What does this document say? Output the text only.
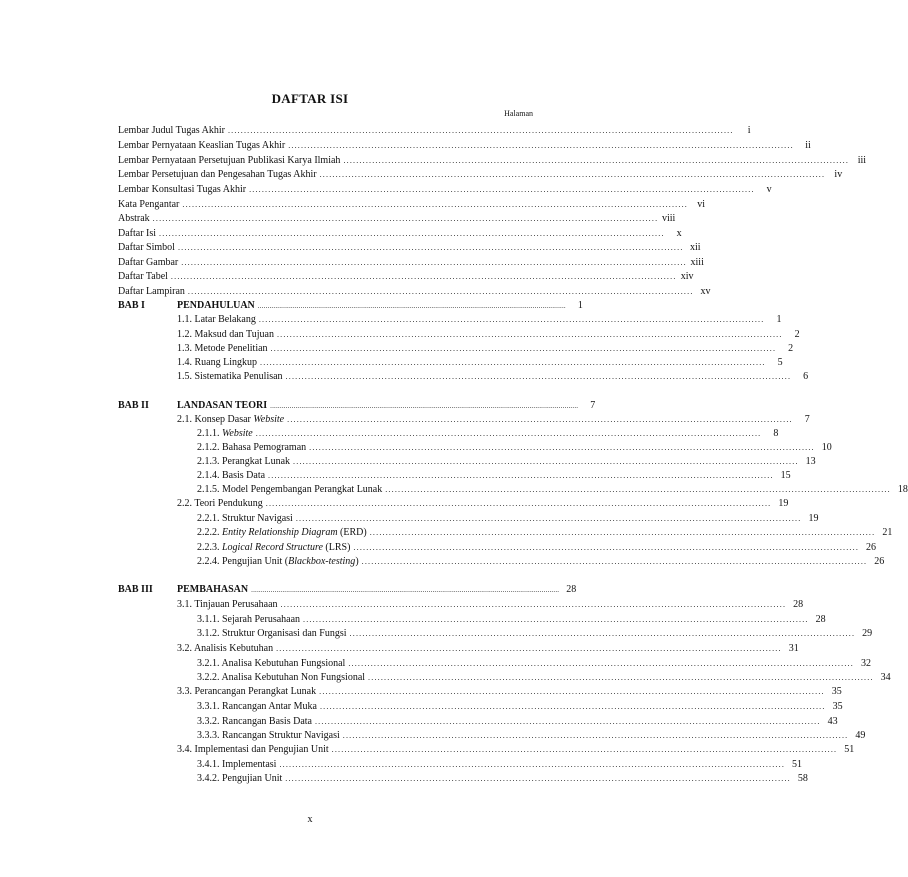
DAFTAR ISI
Halaman
Lembar Judul Tugas Akhir ..............................................................................................................................................................	i
Lembar Pernyataan Keaslian Tugas Akhir ..............................................................................................................................................................	ii
Lembar Pernyataan Persetujuan Publikasi Karya Ilmiah .............................................................................................................................................................. iii
Lembar Persetujuan dan Pengesahan Tugas Akhir .............................................................................................................................................................. iv
Lembar Konsultasi Tugas Akhir ..............................................................................................................................................................	v
Kata Pengantar .............................................................................................................................................................. vi
Abstrak .............................................................................................................................................................. viii
Daftar Isi ..............................................................................................................................................................	x
Daftar Simbol .............................................................................................................................................................. xii
Daftar Gambar .............................................................................................................................................................. xiii
Daftar Tabel .............................................................................................................................................................. xiv
Daftar Lampiran .............................................................................................................................................................. xv
BAB I	PENDAHULUAN ..............................................................................................................................................................	1
1.1. Latar Belakang ..............................................................................................................................................................	1
1.2. Maksud dan Tujuan ..............................................................................................................................................................	2
1.3. Metode Penelitian ..............................................................................................................................................................	2
1.4. Ruang Lingkup ..............................................................................................................................................................	5
1.5. Sistematika Penulisan ..............................................................................................................................................................	6
BAB II	LANDASAN TEORI ..............................................................................................................................................................	7
2.1. Konsep Dasar Website ..............................................................................................................................................................	7
2.1.1. Website ..............................................................................................................................................................	8
2.1.2. Bahasa Pemograman .............................................................................................................................................................. 10
2.1.3. Perangkat Lunak .............................................................................................................................................................. 13
2.1.4. Basis Data .............................................................................................................................................................. 15
2.1.5. Model Pengembangan Perangkat Lunak .............................................................................................................................................................. 18
2.2. Teori Pendukung .............................................................................................................................................................. 19
2.2.1. Struktur Navigasi .............................................................................................................................................................. 19
2.2.2. Entity Relationship Diagram (ERD) .............................................................................................................................................................. 21
2.2.3. Logical Record Structure (LRS) .............................................................................................................................................................. 26
2.2.4. Pengujian Unit (Blackbox-testing) .............................................................................................................................................................. 26
BAB III	PEMBAHASAN .............................................................................................................................................................. 28
3.1. Tinjauan Perusahaan .............................................................................................................................................................. 28
3.1.1. Sejarah Perusahaan .............................................................................................................................................................. 28
3.1.2. Struktur Organisasi dan Fungsi .............................................................................................................................................................. 29
3.2. Analisis Kebutuhan .............................................................................................................................................................. 31
3.2.1. Analisa Kebutuhan Fungsional .............................................................................................................................................................. 32
3.2.2. Analisa Kebutuhan Non Fungsional .............................................................................................................................................................. 34
3.3. Perancangan Perangkat Lunak .............................................................................................................................................................. 35
3.3.1. Rancangan Antar Muka .............................................................................................................................................................. 35
3.3.2. Rancangan Basis Data .............................................................................................................................................................. 43
3.3.3. Rancangan Struktur Navigasi .............................................................................................................................................................. 49
3.4. Implementasi dan Pengujian Unit .............................................................................................................................................................. 51
3.4.1. Implementasi .............................................................................................................................................................. 51
3.4.2. Pengujian Unit .............................................................................................................................................................. 58
x
